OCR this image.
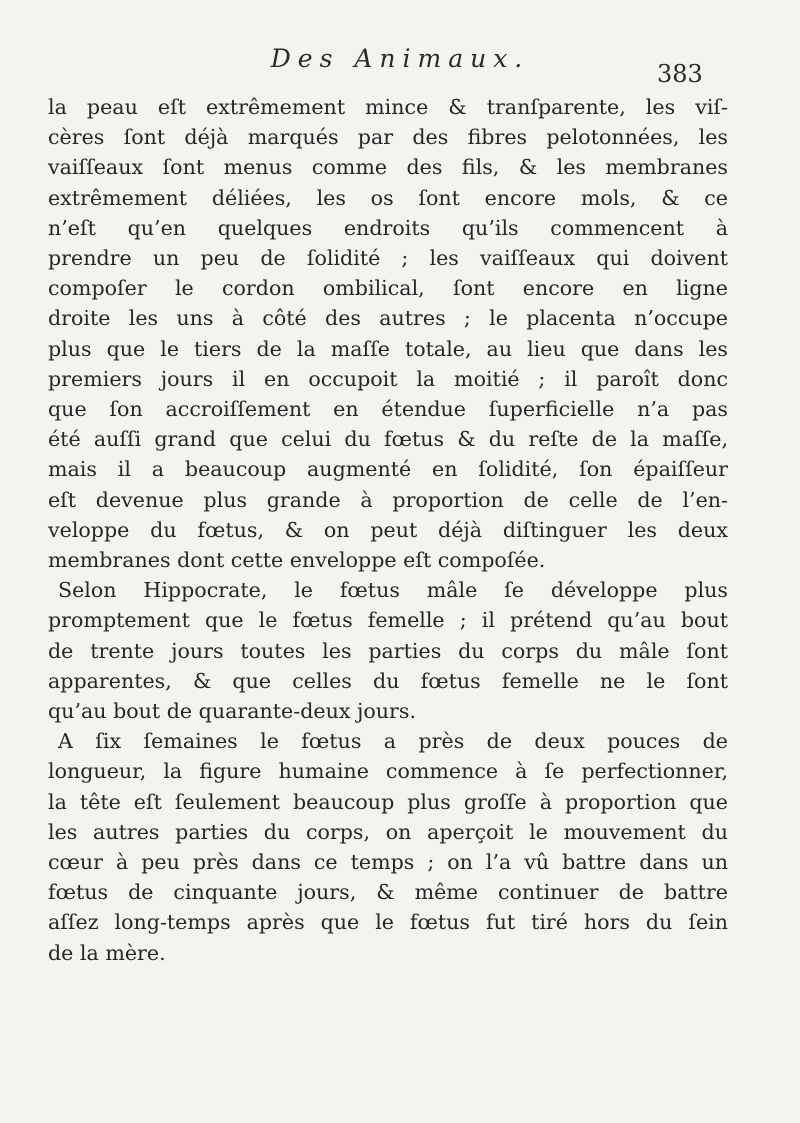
Des Animaux.
383
la peau eſt extrêmement mince & tranſparente, les viſ-
cères ſont déjà marqués par des fibres pelotonnées, les
vaiſſeaux ſont menus comme des fils, & les membranes
extrêmement déliées, les os ſont encore mols, & ce
n’eſt qu’en quelques endroits qu’ils commencent à
prendre un peu de ſolidité ; les vaiſſeaux qui doivent
compoſer le cordon ombilical, ſont encore en ligne
droite les uns à côté des autres ; le placenta n’occupe
plus que le tiers de la maſſe totale, au lieu que dans les
premiers jours il en occupoit la moitié ; il paroît donc
que ſon accroiſſement en étendue ſuperficielle n’a pas
été auſſi grand que celui du fœtus & du reſte de la maſſe,
mais il a beaucoup augmenté en ſolidité, ſon épaiſſeur
eſt devenue plus grande à proportion de celle de l’en-
veloppe du fœtus, & on peut déjà diſtinguer les deux
membranes dont cette enveloppe eſt compoſée.
Selon Hippocrate, le fœtus mâle ſe développe plus
promptement que le fœtus femelle ; il prétend qu’au bout
de trente jours toutes les parties du corps du mâle ſont
apparentes, & que celles du fœtus femelle ne le ſont
qu’au bout de quarante-deux jours.
A ſix ſemaines le fœtus a près de deux pouces de
longueur, la figure humaine commence à ſe perfectionner,
la tête eſt ſeulement beaucoup plus groſſe à proportion que
les autres parties du corps, on aperçoit le mouvement du
cœur à peu près dans ce temps ; on l’a vû battre dans un
fœtus de cinquante jours, & même continuer de battre
aſſez long-temps après que le fœtus fut tiré hors du ſein
de la mère.
